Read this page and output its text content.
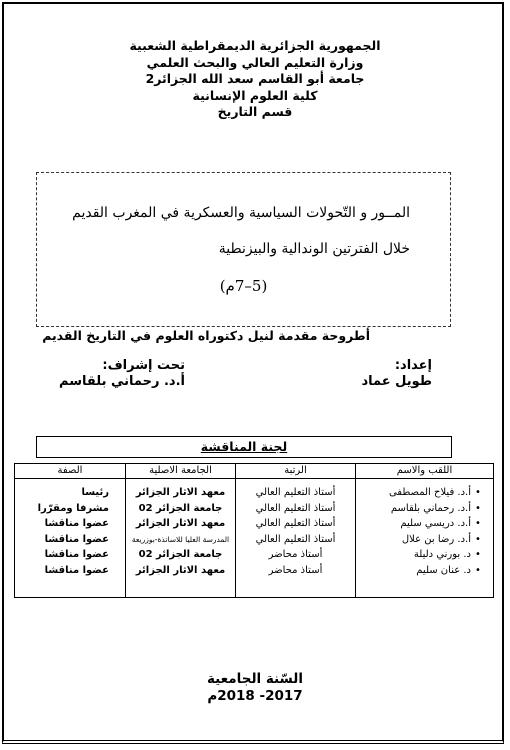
الجمهورية الجزائرية الديمقراطية الشعبية
وزارة التعليم العالي والبحث العلمي
جامعة أبو القاسم سعد الله الجزائر2
كلية العلوم الإنسانية
قسم التاريخ
المــور و التّحولات السياسية والعسكرية في المغرب القديم
خلال الفترتين الوندالية والبيزنطية
(5–7م)
أطروحة مقدمة لنيل دكتوراه العلوم في التاريخ القديم
إعداد:
طويل عماد
تحت إشراف:
أ.د. رحماني بلقاسم
لجنة المناقشة
اللقب والاسم
•أ.د. فيلاح المصطفى
•أ.د. رحماني بلقاسم
•أ.د. دريسي سليم
•أ.د. رضا بن علال
•د. بورني دليلة
•د. عنان سليم
الرتبة
أستاذ التعليم العالي
أستاذ التعليم العالي
أستاذ التعليم العالي
أستاذ التعليم العالي
أستاذ محاضر
أستاذ محاضر
الجامعة الاصلية
معهد الاثار الجزائر
جامعة الجزائر 02
معهد الاثار الجزائر
المدرسة العليا للاساتذة-بوزريعة
جامعة الجزائر 02
معهد الاثار الجزائر
الصفة
رئيسا
مشرفا ومقرّرا
عضوا مناقشا
عضوا مناقشا
عضوا مناقشا
عضوا مناقشا
السّنة الجامعية
2017- 2018م
